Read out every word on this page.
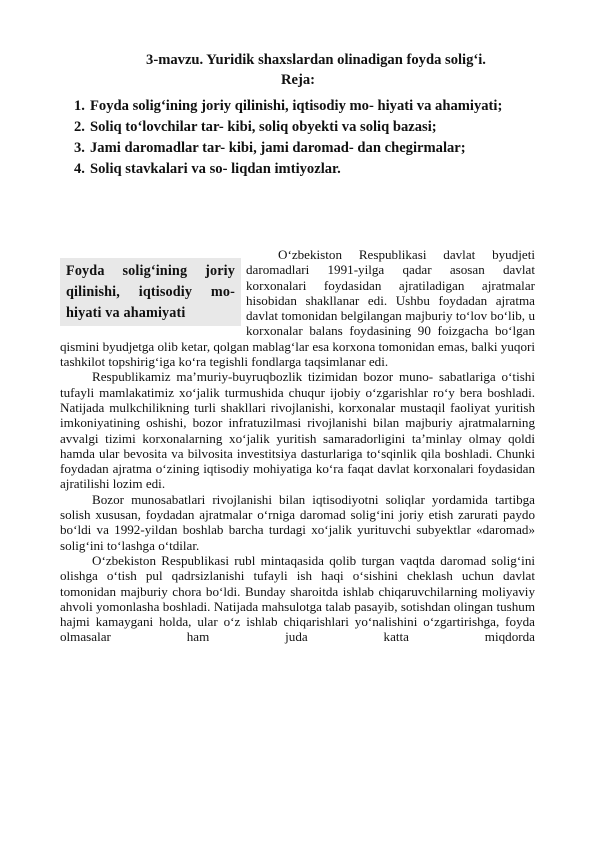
3-mavzu. Yuridik shaxslardan olinadigan foyda solig‘i.
Reja:
1. Foyda solig‘ining joriy qilinishi, iqtisodiy mo- hiyati va ahamiyati;
2. Soliq to‘lovchilar tar- kibi, soliq obyekti va soliq bazasi;
3. Jami daromadlar tar- kibi, jami daromad- dan chegirmalar;
4. Soliq stavkalari va so- liqdan imtiyozlar.

O‘zbekiston Respublikasi davlat byudjeti daromadlari 1991-yilga qadar asosan davlat korxonalari foydasidan ajratiladigan ajratmalar hisobidan shakllanar edi. Ushbu foydadan ajratma davlat tomonidan belgilangan majburiy to‘lov bo‘lib, u korxonalar balans foydasining 90 foizgacha bo‘lgan qismini byudjetga olib ketar, qolgan mablag‘lar esa korxona tomonidan emas, balki yuqori tashkilot topshirig‘iga ko‘ra tegishli fondlarga taqsimlanar edi.

Respublikamiz ma’muriy-buyruqbozlik tizimidan bozor muno- sabatlariga o‘tishi tufayli mamlakatimiz xo‘jalik turmushida chuqur ijobiy o‘zgarishlar ro‘y bera boshladi. Natijada mulkchilikning turli shakllari rivojlanishi, korxonalar mustaqil faoliyat yuritish imkoniyatining oshishi, bozor infratuzilmasi rivojlanishi bilan majburiy ajratmalarning avvalgi tizimi korxonalarning xo‘jalik yuritish samaradorligini ta’minlay olmay qoldi hamda ular bevosita va bilvosita investitsiya dasturlariga to‘sqinlik qila boshladi. Chunki foydadan ajratma o‘zining iqtisodiy mohiyatiga ko‘ra faqat davlat korxonalari foydasidan ajratilishi lozim edi.

Bozor munosabatlari rivojlanishi bilan iqtisodiyotni soliqlar yordamida tartibga solish xususan, foydadan ajratmalar o‘rniga daromad solig‘ini joriy etish zarurati paydo bo‘ldi va 1992-yildan boshlab barcha turdagi xo‘jalik yurituvchi subyektlar «daromad» solig‘ini to‘lashga o‘tdilar.

O‘zbekiston Respublikasi rubl mintaqasida qolib turgan vaqtda daromad solig‘ini olishga o‘tish pul qadrsizlanishi tufayli ish haqi o‘sishini cheklash uchun davlat tomonidan majburiy chora bo‘ldi. Bunday sharoitda ishlab chiqaruvchilarning moliyaviy ahvoli yomonlasha boshladi. Natijada mahsulotga talab pasayib, sotishdan olingan tushum hajmi kamaygani holda, ular o‘z ishlab chiqarishlari yo‘nalishini o‘zgartirishga, foyda olmasalar ham juda katta miqdorda

Foyda solig‘ining joriy qilinishi, iqtisodiy mo- hiyati va ahamiyati
